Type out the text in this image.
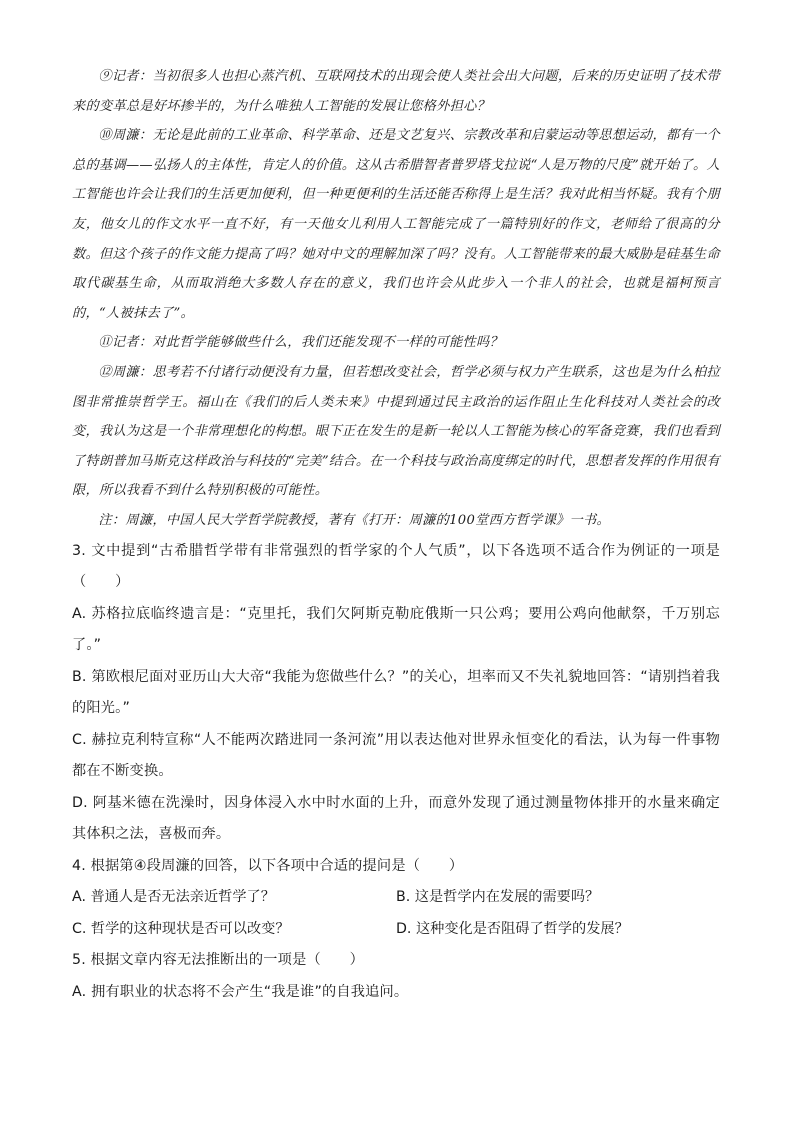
⑨记者：当初很多人也担心蒸汽机、互联网技术的出现会使人类社会出大问题，后来的历史证明了技术带来的变革总是好坏掺半的，为什么唯独人工智能的发展让您格外担心？

⑩周濂：无论是此前的工业革命、科学革命、还是文艺复兴、宗教改革和启蒙运动等思想运动，都有一个总的基调——弘扬人的主体性，肯定人的价值。这从古希腊智者普罗塔戈拉说“人是万物的尺度”就开始了。人工智能也许会让我们的生活更加便利，但一种更便利的生活还能否称得上是生活？我对此相当怀疑。我有个朋友，他女儿的作文水平一直不好，有一天他女儿利用人工智能完成了一篇特别好的作文，老师给了很高的分数。但这个孩子的作文能力提高了吗？她对中文的理解加深了吗？没有。人工智能带来的最大威胁是硅基生命取代碳基生命，从而取消绝大多数人存在的意义，我们也许会从此步入一个非人的社会，也就是福柯预言的，“人被抹去了”。

⑪记者：对此哲学能够做些什么，我们还能发现不一样的可能性吗？

⑫周濂：思考若不付诸行动便没有力量，但若想改变社会，哲学必须与权力产生联系，这也是为什么柏拉图非常推崇哲学王。福山在《我们的后人类未来》中提到通过民主政治的运作阻止生化科技对人类社会的改变，我认为这是一个非常理想化的构想。眼下正在发生的是新一轮以人工智能为核心的军备竞赛，我们也看到了特朗普加马斯克这样政治与科技的“完美”结合。在一个科技与政治高度绑定的时代，思想者发挥的作用很有限，所以我看不到什么特别积极的可能性。

注：周濂，中国人民大学哲学院教授，著有《打开：周濂的100堂西方哲学课》一书。

3. 文中提到“古希腊哲学带有非常强烈的哲学家的个人气质”，以下各选项不适合作为例证的一项是（　　）

A. 苏格拉底临终遗言是：“克里托，我们欠阿斯克勒庇俄斯一只公鸡；要用公鸡向他献祭，千万别忘了。”

B. 第欧根尼面对亚历山大大帝“我能为您做些什么？”的关心，坦率而又不失礼貌地回答：“请别挡着我的阳光。”

C. 赫拉克利特宣称“人不能两次踏进同一条河流”用以表达他对世界永恒变化的看法，认为每一件事物都在不断变换。

D. 阿基米德在洗澡时，因身体浸入水中时水面的上升，而意外发现了通过测量物体排开的水量来确定其体积之法，喜极而奔。

4. 根据第④段周濂的回答，以下各项中合适的提问是（　　）

A. 普通人是否无法亲近哲学了？	B. 这是哲学内在发展的需要吗？
C. 哲学的这种现状是否可以改变？	D. 这种变化是否阻碍了哲学的发展？

5. 根据文章内容无法推断出的一项是（　　）

A. 拥有职业的状态将不会产生“我是谁”的自我追问。
